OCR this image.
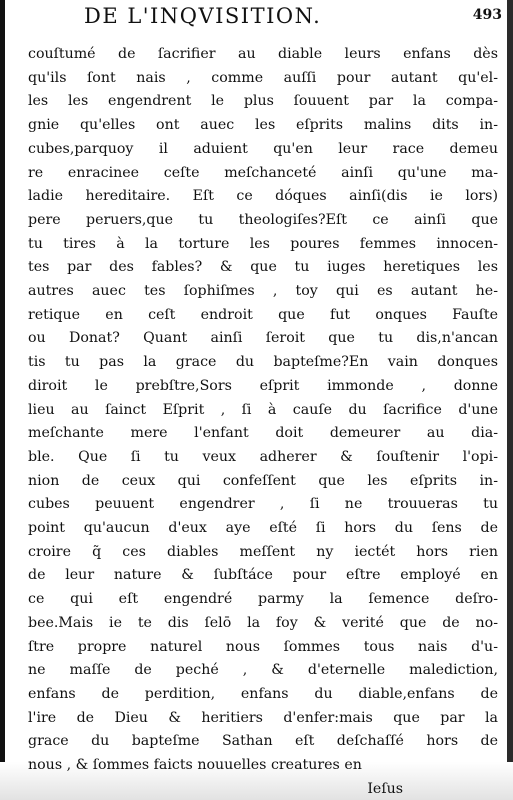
DE L'INQVISITION.	493
couſtumé de ſacrifier au diable leurs enfans dès
qu'ils ſont nais , comme auſſi pour autant qu'el-
les les engendrent le plus ſouuent par la compa-
gnie qu'elles ont auec les eſprits malins dits in-
cubes,parquoy il aduient qu'en leur race demeu
re enracinee ceſte meſchanceté ainſi qu'une ma-
ladie hereditaire. Eſt ce dóques ainſi(dis ie lors)
pere peruers,que tu theologiſes?Eſt ce ainſi que
tu tires à la torture les poures femmes innocen-
tes par des fables? & que tu iuges heretiques les
autres auec tes ſophiſmes , toy qui es autant he-
retique en ceſt endroit que fut onques Fauſte
ou Donat? Quant ainſi ſeroit que tu dis,n'ancan
tis tu pas la grace du bapteſme?En vain donques
diroit le prebſtre,Sors eſprit immonde , donne
lieu au ſainct Eſprit , ſi à cauſe du ſacrifice d'une
meſchante mere l'enfant doit demeurer au dia-
ble. Que ſi tu veux adherer & ſouſtenir l'opi-
nion de ceux qui confeſſent que les eſprits in-
cubes peuuent engendrer , ſi ne trouueras tu
point qu'aucun d'eux aye eſté ſi hors du ſens de
croire q̃ ces diables meſſent ny iectét hors rien
de leur nature & ſubſtáce pour eſtre employé en
ce qui eſt engendré parmy la ſemence deſro-
bee.Mais ie te dis ſelō la foy & verité que de no-
ſtre propre naturel nous ſommes tous nais d'u-
ne maſſe de peché , & d'eternelle malediction,
enfans de perdition, enfans du diable,enfans de
l'ire de Dieu & heritiers d'enfer:mais que par la
grace du bapteſme Sathan eſt deſchaſſé hors de
nous , & ſommes faicts nouuelles creatures en
Ieſus
